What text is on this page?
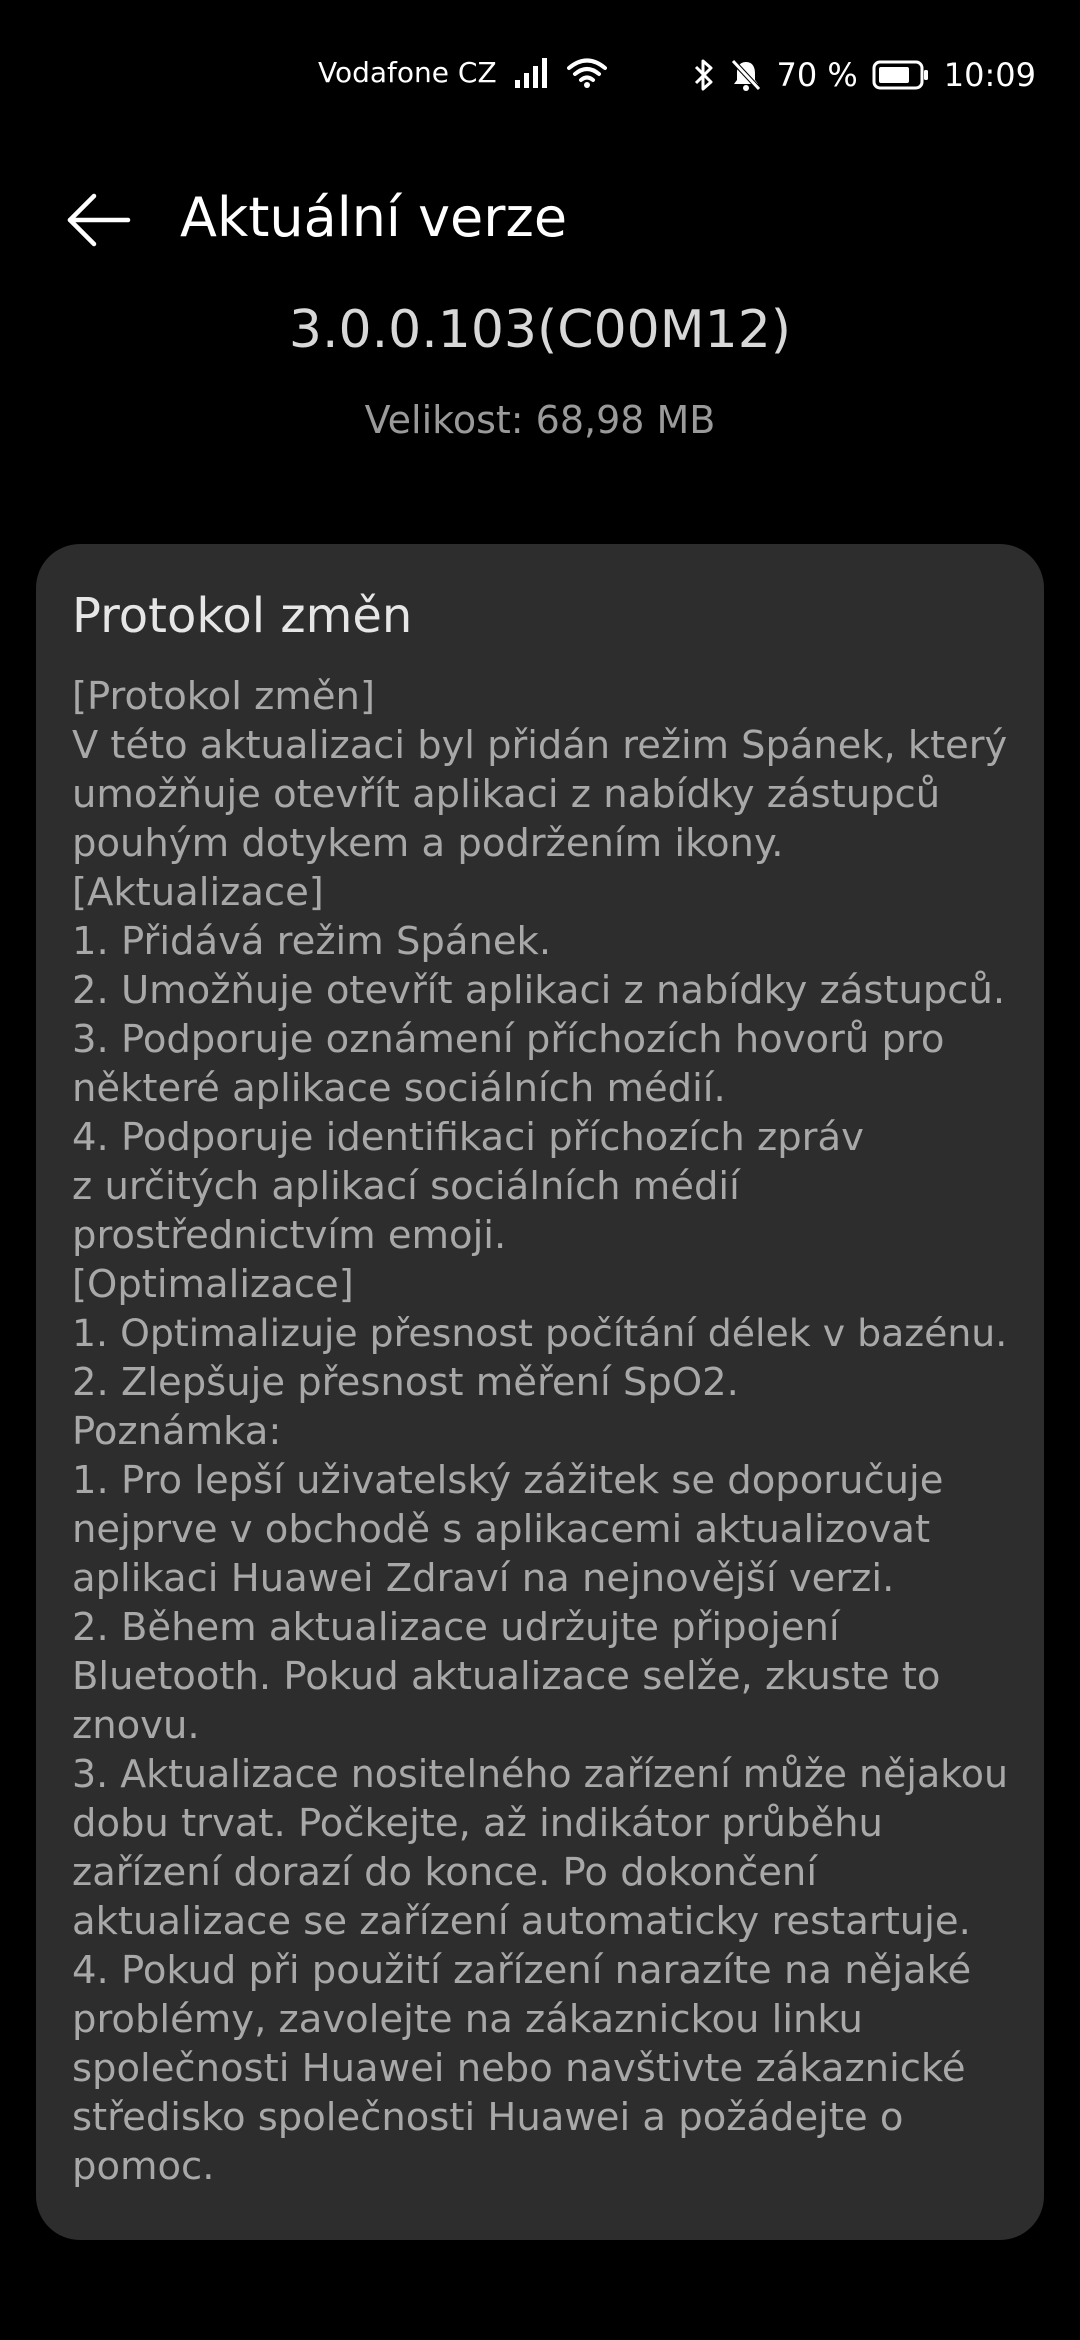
Vodafone CZ	70 %	10:09
Aktuální verze
3.0.0.103(C00M12)
Velikost: 68,98 MB
Protokol změn
[Protokol změn]
V této aktualizaci byl přidán režim Spánek, který
umožňuje otevřít aplikaci z nabídky zástupců
pouhým dotykem a podržením ikony.
[Aktualizace]
1. Přidává režim Spánek.
2. Umožňuje otevřít aplikaci z nabídky zástupců.
3. Podporuje oznámení příchozích hovorů pro
některé aplikace sociálních médií.
4. Podporuje identifikaci příchozích zpráv
z určitých aplikací sociálních médií
prostřednictvím emoji.
[Optimalizace]
1. Optimalizuje přesnost počítání délek v bazénu.
2. Zlepšuje přesnost měření SpO2.
Poznámka:
1. Pro lepší uživatelský zážitek se doporučuje
nejprve v obchodě s aplikacemi aktualizovat
aplikaci Huawei Zdraví na nejnovější verzi.
2. Během aktualizace udržujte připojení
Bluetooth. Pokud aktualizace selže, zkuste to
znovu.
3. Aktualizace nositelného zařízení může nějakou
dobu trvat. Počkejte, až indikátor průběhu
zařízení dorazí do konce. Po dokončení
aktualizace se zařízení automaticky restartuje.
4. Pokud při použití zařízení narazíte na nějaké
problémy, zavolejte na zákaznickou linku
společnosti Huawei nebo navštivte zákaznické
středisko společnosti Huawei a požádejte o
pomoc.
